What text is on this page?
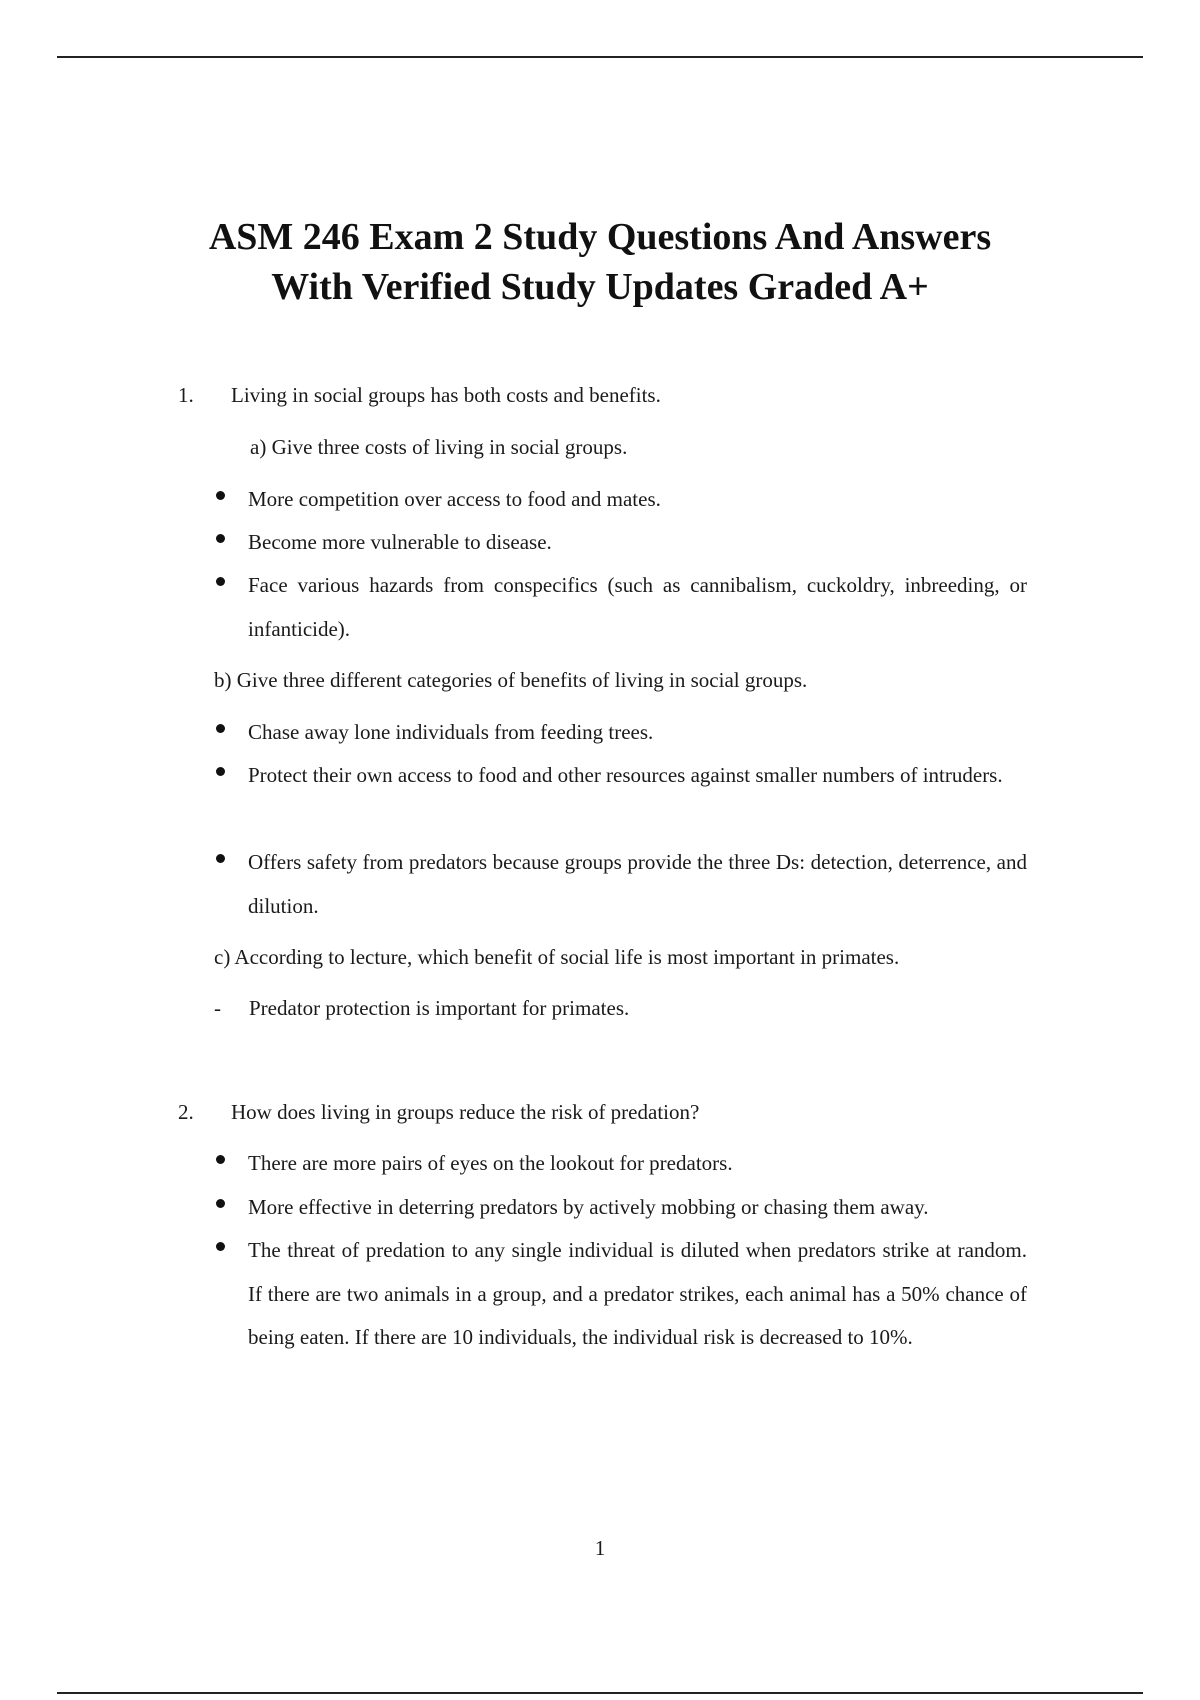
ASM 246 Exam 2 Study Questions And Answers
With Verified Study Updates Graded A+
1. Living in social groups has both costs and benefits.
a) Give three costs of living in social groups.
More competition over access to food and mates.
Become more vulnerable to disease.
Face various hazards from conspecifics (such as cannibalism, cuckoldry, inbreeding, or infanticide).
b) Give three different categories of benefits of living in social groups.
Chase away lone individuals from feeding trees.
Protect their own access to food and other resources against smaller numbers of intruders.
Offers safety from predators because groups provide the three Ds: detection, deterrence, and dilution.
c) According to lecture, which benefit of social life is most important in primates.
- Predator protection is important for primates.
2. How does living in groups reduce the risk of predation?
There are more pairs of eyes on the lookout for predators.
More effective in deterring predators by actively mobbing or chasing them away.
The threat of predation to any single individual is diluted when predators strike at random. If there are two animals in a group, and a predator strikes, each animal has a 50% chance of being eaten. If there are 10 individuals, the individual risk is decreased to 10%.
1
